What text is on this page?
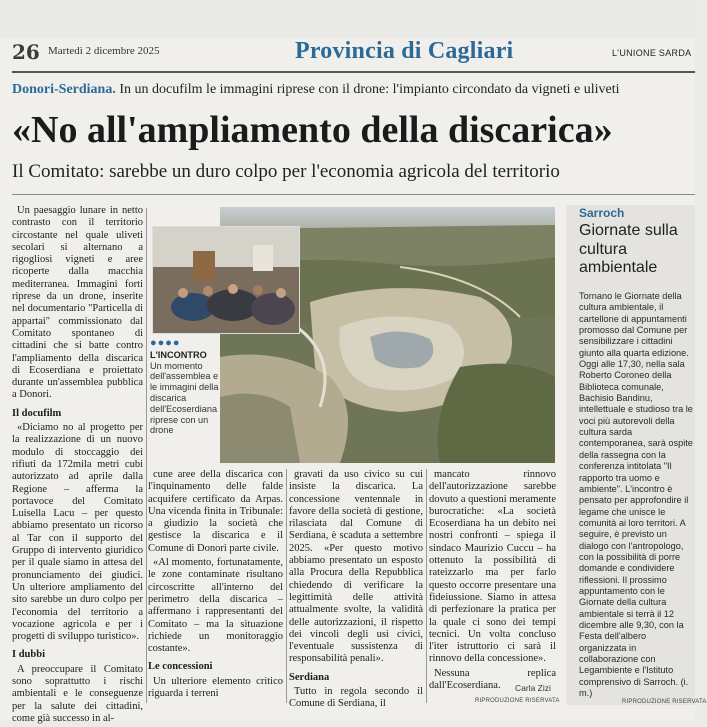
26 Martedì 2 dicembre 2025	Provincia di Cagliari	L'UNIONE SARDA
Donori-Serdiana. In un docufilm le immagini riprese con il drone: l'impianto circondato da vigneti e uliveti
«No all'ampliamento della discarica»
Il Comitato: sarebbe un duro colpo per l'economia agricola del territorio

Un paesaggio lunare in netto contrasto con il territorio circostante nel quale uliveti secolari si alternano a rigogliosi vigneti e aree ricoperte dalla macchia mediterranea. Immagini forti riprese da un drone, inserite nel documentario "Particella di appartai" commissionato dal Comitato spontaneo di cittadini che si batte contro l'ampliamento della discarica di Ecoserdiana e proiettato durante un'assemblea pubblica a Donori.

Il docufilm

«Diciamo no al progetto per la realizzazione di un nuovo modulo di stoccaggio dei rifiuti da 172mila metri cubi autorizzato ad aprile dalla Regione – afferma la portavoce del Comitato Luisella Lacu – per questo abbiamo presentato un ricorso al Tar con il supporto del Gruppo di intervento giuridico per il quale siamo in attesa del pronunciamento dei giudici. Un ulteriore ampliamento del sito sarebbe un duro colpo per l'economia del territorio a vocazione agricola e per i progetti di sviluppo turistico».

I dubbi

A preoccupare il Comitato sono soprattutto i rischi ambientali e le conseguenze per la salute dei cittadini, come già successo in al-

●●●●
L'INCONTRO
Un momento dell'assemblea e le immagini della discarica dell'Ecoserdiana riprese con un drone

cune aree della discarica con l'inquinamento delle falde acquifere certificato da Arpas. Una vicenda finita in Tribunale: a giudizio la società che gestisce la discarica e il Comune di Donori parte civile.

«Al momento, fortunatamente, le zone contaminate risultano circoscritte all'interno del perimetro della discarica – affermano i rappresentanti del Comitato – ma la situazione richiede un monitoraggio costante».

Le concessioni

Un ulteriore elemento critico riguarda i terreni

gravati da uso civico su cui insiste la discarica. La concessione ventennale in favore della società di gestione, rilasciata dal Comune di Serdiana, è scaduta a settembre 2025. «Per questo motivo abbiamo presentato un esposto alla Procura della Repubblica chiedendo di verificare la legittimità delle attività attualmente svolte, la validità delle autorizzazioni, il rispetto dei vincoli degli usi civici, l'eventuale sussistenza di responsabilità penali».

Serdiana

Tutto in regola secondo il Comune di Serdiana, il

mancato rinnovo dell'autorizzazione sarebbe dovuto a questioni meramente burocratiche: «La società Ecoserdiana ha un debito nei nostri confronti – spiega il sindaco Maurizio Cuccu – ha ottenuto la possibilità di rateizzarlo ma per farlo questo occorre presentare una fideiussione. Siamo in attesa di perfezionare la pratica per la quale ci sono dei tempi tecnici. Un volta concluso l'iter istruttorio ci sarà il rinnovo della concessione».

Nessuna replica dall'Ecoserdiana.	Carla Zizi
RIPRODUZIONE RISERVATA
Sarroch
Giornate sulla cultura ambientale
Tornano le Giornate della cultura ambientale, il cartellone di appuntamenti promosso dal Comune per sensibilizzare i cittadini giunto alla quarta edizione. Oggi alle 17,30, nella sala Roberto Coroneo della Biblioteca comunale, Bachisio Bandinu, intellettuale e studioso tra le voci più autorevoli della cultura sarda contemporanea, sarà ospite della rassegna con la conferenza intitolata "Il rapporto tra uomo e ambiente". L'incontro è pensato per approfondire il legame che unisce le comunità ai loro territori. A seguire, è previsto un dialogo con l'antropologo, con la possibilità di porre domande e condividere riflessioni. Il prossimo appuntamento con le Giornate della cultura ambientale si terrà il 12 dicembre alle 9,30, con la Festa dell'albero organizzata in collaborazione con Legambiente e l'Istituto comprensivo di Sarroch. (i. m.)
RIPRODUZIONE RISERVATA
